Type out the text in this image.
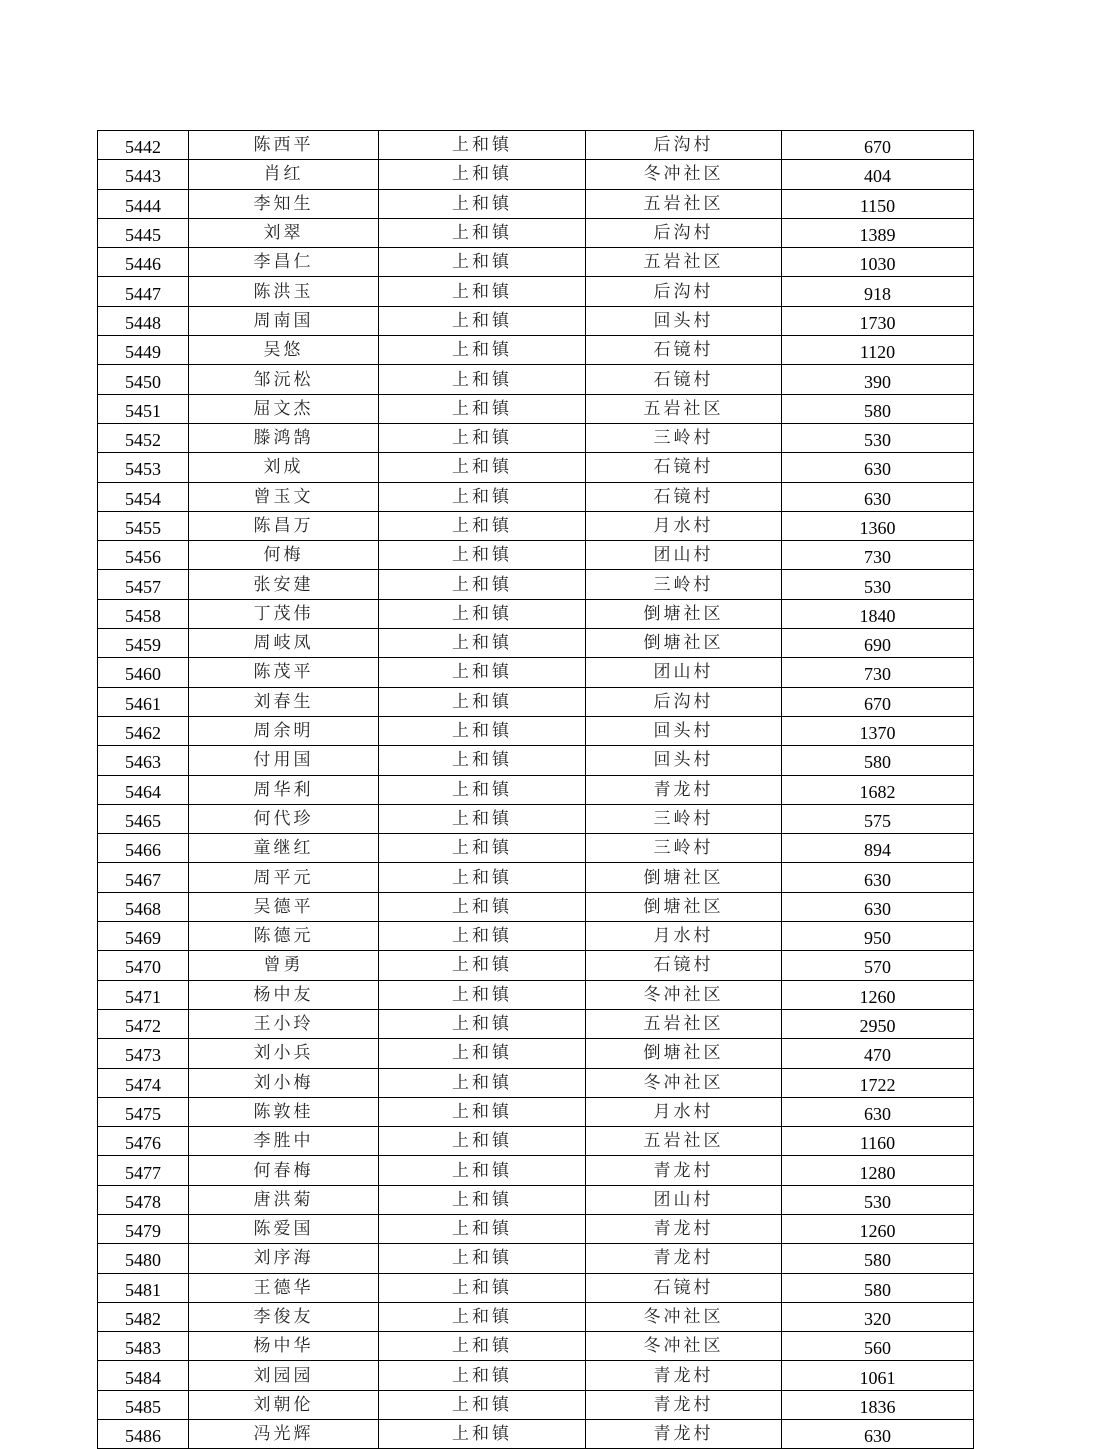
5442	陈西平	上和镇	后沟村	670
5443	肖红	上和镇	冬冲社区	404
5444	李知生	上和镇	五岩社区	1150
5445	刘翠	上和镇	后沟村	1389
5446	李昌仁	上和镇	五岩社区	1030
5447	陈洪玉	上和镇	后沟村	918
5448	周南国	上和镇	回头村	1730
5449	吴悠	上和镇	石镜村	1120
5450	邹沅松	上和镇	石镜村	390
5451	屈文杰	上和镇	五岩社区	580
5452	滕鸿鹄	上和镇	三岭村	530
5453	刘成	上和镇	石镜村	630
5454	曾玉文	上和镇	石镜村	630
5455	陈昌万	上和镇	月水村	1360
5456	何梅	上和镇	团山村	730
5457	张安建	上和镇	三岭村	530
5458	丁茂伟	上和镇	倒塘社区	1840
5459	周岐凤	上和镇	倒塘社区	690
5460	陈茂平	上和镇	团山村	730
5461	刘春生	上和镇	后沟村	670
5462	周余明	上和镇	回头村	1370
5463	付用国	上和镇	回头村	580
5464	周华利	上和镇	青龙村	1682
5465	何代珍	上和镇	三岭村	575
5466	童继红	上和镇	三岭村	894
5467	周平元	上和镇	倒塘社区	630
5468	吴德平	上和镇	倒塘社区	630
5469	陈德元	上和镇	月水村	950
5470	曾勇	上和镇	石镜村	570
5471	杨中友	上和镇	冬冲社区	1260
5472	王小玲	上和镇	五岩社区	2950
5473	刘小兵	上和镇	倒塘社区	470
5474	刘小梅	上和镇	冬冲社区	1722
5475	陈敦桂	上和镇	月水村	630
5476	李胜中	上和镇	五岩社区	1160
5477	何春梅	上和镇	青龙村	1280
5478	唐洪菊	上和镇	团山村	530
5479	陈爱国	上和镇	青龙村	1260
5480	刘序海	上和镇	青龙村	580
5481	王德华	上和镇	石镜村	580
5482	李俊友	上和镇	冬冲社区	320
5483	杨中华	上和镇	冬冲社区	560
5484	刘园园	上和镇	青龙村	1061
5485	刘朝伦	上和镇	青龙村	1836
5486	冯光辉	上和镇	青龙村	630
